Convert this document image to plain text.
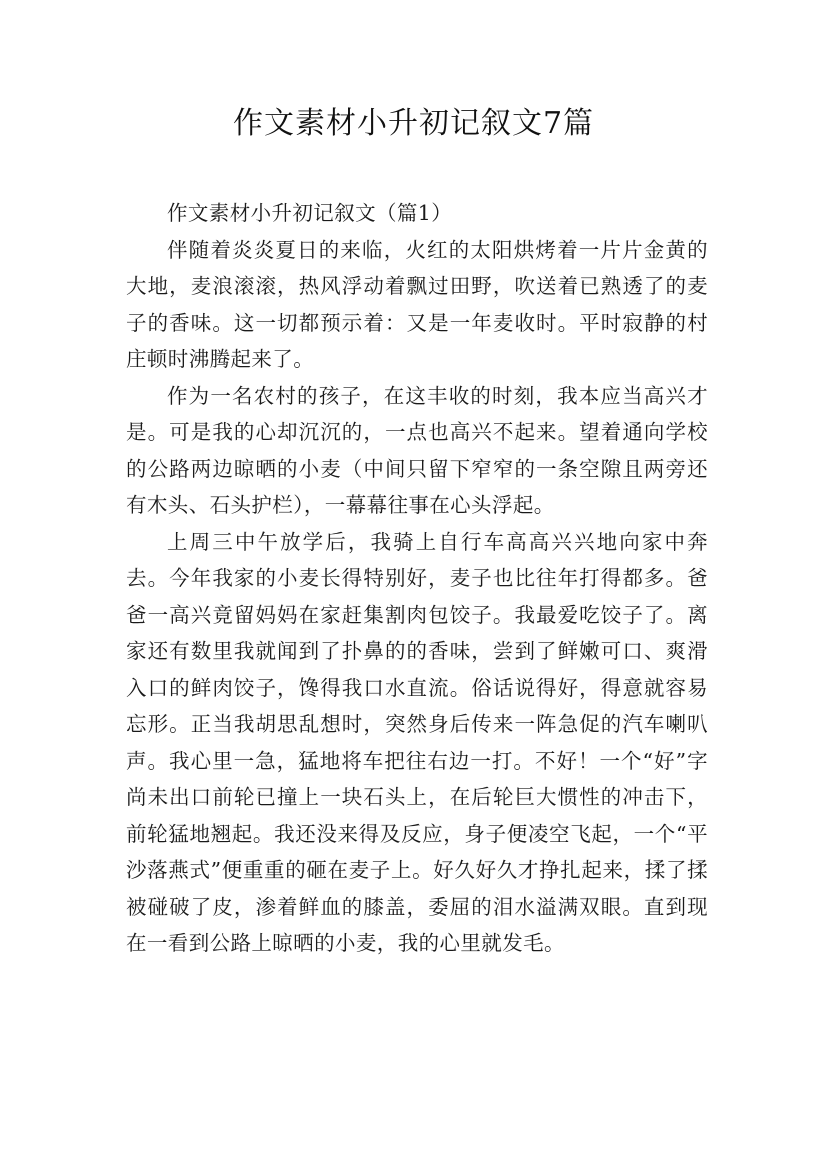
作文素材小升初记叙文7篇
作文素材小升初记叙文（篇1）

伴随着炎炎夏日的来临，火红的太阳烘烤着一片片金黄的大地，麦浪滚滚，热风浮动着飘过田野，吹送着已熟透了的麦子的香味。这一切都预示着：又是一年麦收时。平时寂静的村庄顿时沸腾起来了。

作为一名农村的孩子，在这丰收的时刻，我本应当高兴才是。可是我的心却沉沉的，一点也高兴不起来。望着通向学校的公路两边晾晒的小麦（中间只留下窄窄的一条空隙且两旁还有木头、石头护栏），一幕幕往事在心头浮起。

上周三中午放学后，我骑上自行车高高兴兴地向家中奔去。今年我家的小麦长得特别好，麦子也比往年打得都多。爸爸一高兴竟留妈妈在家赶集割肉包饺子。我最爱吃饺子了。离家还有数里我就闻到了扑鼻的的香味，尝到了鲜嫩可口、爽滑入口的鲜肉饺子，馋得我口水直流。俗话说得好，得意就容易忘形。正当我胡思乱想时，突然身后传来一阵急促的汽车喇叭声。我心里一急，猛地将车把往右边一打。不好！一个“好”字尚未出口前轮已撞上一块石头上，在后轮巨大惯性的冲击下，前轮猛地翘起。我还没来得及反应，身子便凌空飞起，一个“平沙落燕式”便重重的砸在麦子上。好久好久才挣扎起来，揉了揉被碰破了皮，渗着鲜血的膝盖，委屈的泪水溢满双眼。直到现在一看到公路上晾晒的小麦，我的心里就发毛。
